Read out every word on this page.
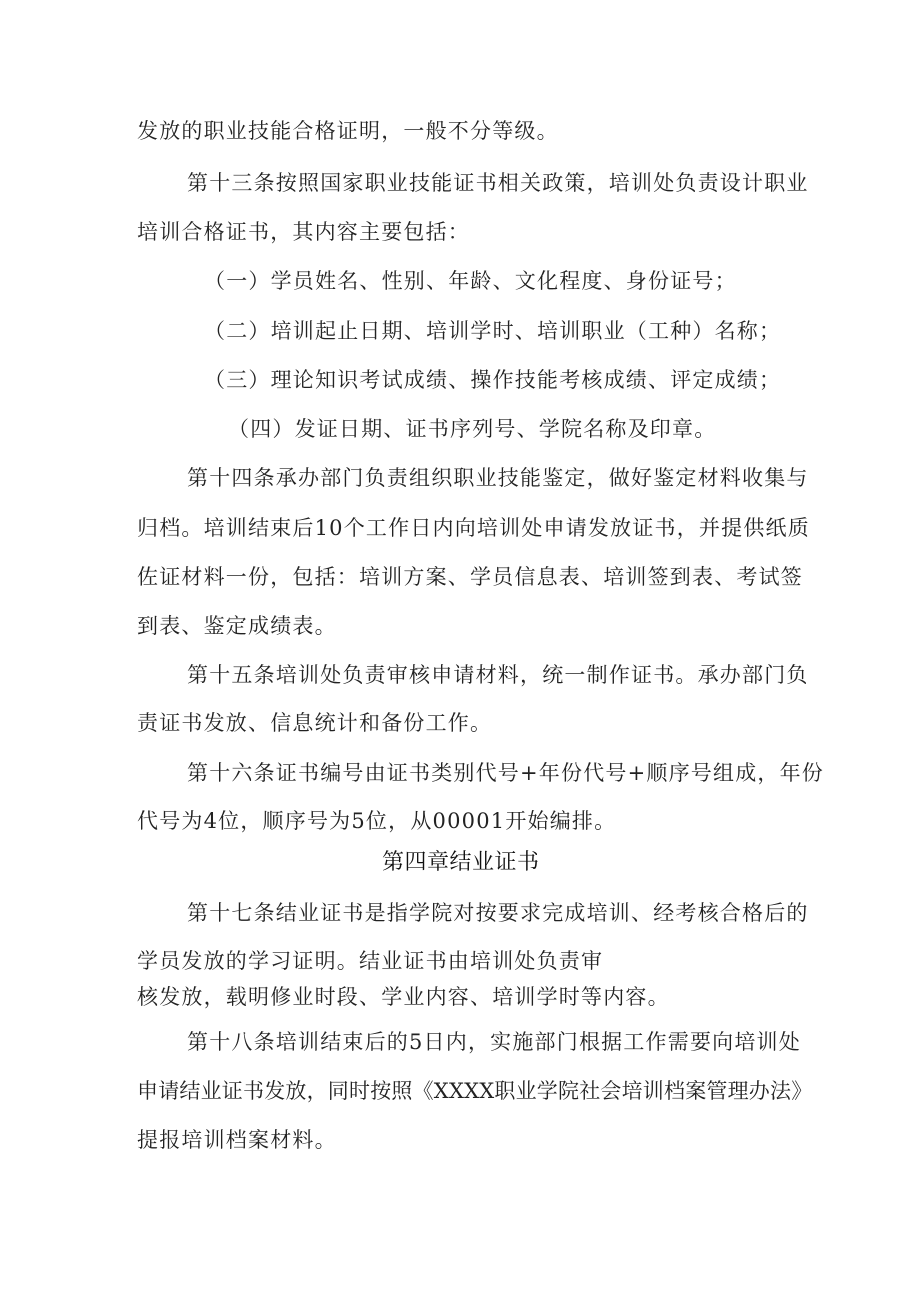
发放的职业技能合格证明，一般不分等级。
第十三条按照国家职业技能证书相关政策，培训处负责设计职业
培训合格证书，其内容主要包括：
（一）学员姓名、性别、年龄、文化程度、身份证号；
（二）培训起止日期、培训学时、培训职业（工种）名称；
（三）理论知识考试成绩、操作技能考核成绩、评定成绩；
（四）发证日期、证书序列号、学院名称及印章。
第十四条承办部门负责组织职业技能鉴定，做好鉴定材料收集与
归档。培训结束后10个工作日内向培训处申请发放证书，并提供纸质
佐证材料一份，包括：培训方案、学员信息表、培训签到表、考试签
到表、鉴定成绩表。
第十五条培训处负责审核申请材料，统一制作证书。承办部门负
责证书发放、信息统计和备份工作。
第十六条证书编号由证书类别代号+年份代号+顺序号组成，年份
代号为4位，顺序号为5位，从00001开始编排。
第四章结业证书
第十七条结业证书是指学院对按要求完成培训、经考核合格后的
学员发放的学习证明。结业证书由培训处负责审
核发放，载明修业时段、学业内容、培训学时等内容。
第十八条培训结束后的5日内，实施部门根据工作需要向培训处
申请结业证书发放，同时按照《XXXX职业学院社会培训档案管理办法》
提报培训档案材料。
